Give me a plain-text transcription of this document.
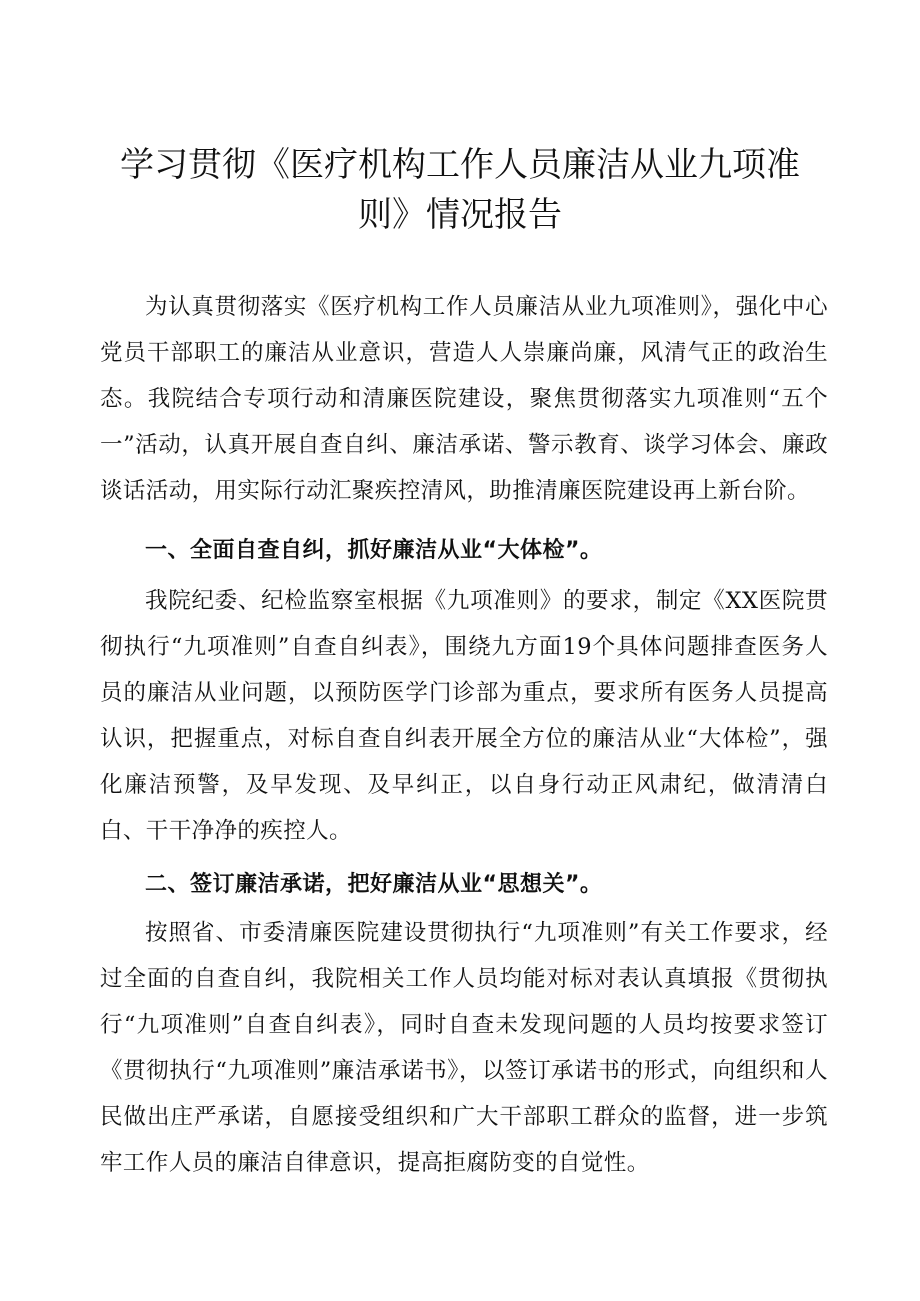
学习贯彻《医疗机构工作人员廉洁从业九项准
则》情况报告

为认真贯彻落实《医疗机构工作人员廉洁从业九项准则》，强化中心党员干部职工的廉洁从业意识，营造人人崇廉尚廉，风清气正的政治生态。我院结合专项行动和清廉医院建设，聚焦贯彻落实九项准则“五个一”活动，认真开展自查自纠、廉洁承诺、警示教育、谈学习体会、廉政谈话活动，用实际行动汇聚疾控清风，助推清廉医院建设再上新台阶。

一、全面自查自纠，抓好廉洁从业“大体检”。

我院纪委、纪检监察室根据《九项准则》的要求，制定《XX医院贯彻执行“九项准则”自查自纠表》，围绕九方面19个具体问题排查医务人员的廉洁从业问题，以预防医学门诊部为重点，要求所有医务人员提高认识，把握重点，对标自查自纠表开展全方位的廉洁从业“大体检”，强化廉洁预警，及早发现、及早纠正，以自身行动正风肃纪，做清清白白、干干净净的疾控人。

二、签订廉洁承诺，把好廉洁从业“思想关”。

按照省、市委清廉医院建设贯彻执行“九项准则”有关工作要求，经过全面的自查自纠，我院相关工作人员均能对标对表认真填报《贯彻执行“九项准则”自查自纠表》，同时自查未发现问题的人员均按要求签订《贯彻执行“九项准则”廉洁承诺书》，以签订承诺书的形式，向组织和人民做出庄严承诺，自愿接受组织和广大干部职工群众的监督，进一步筑牢工作人员的廉洁自律意识，提高拒腐防变的自觉性。
